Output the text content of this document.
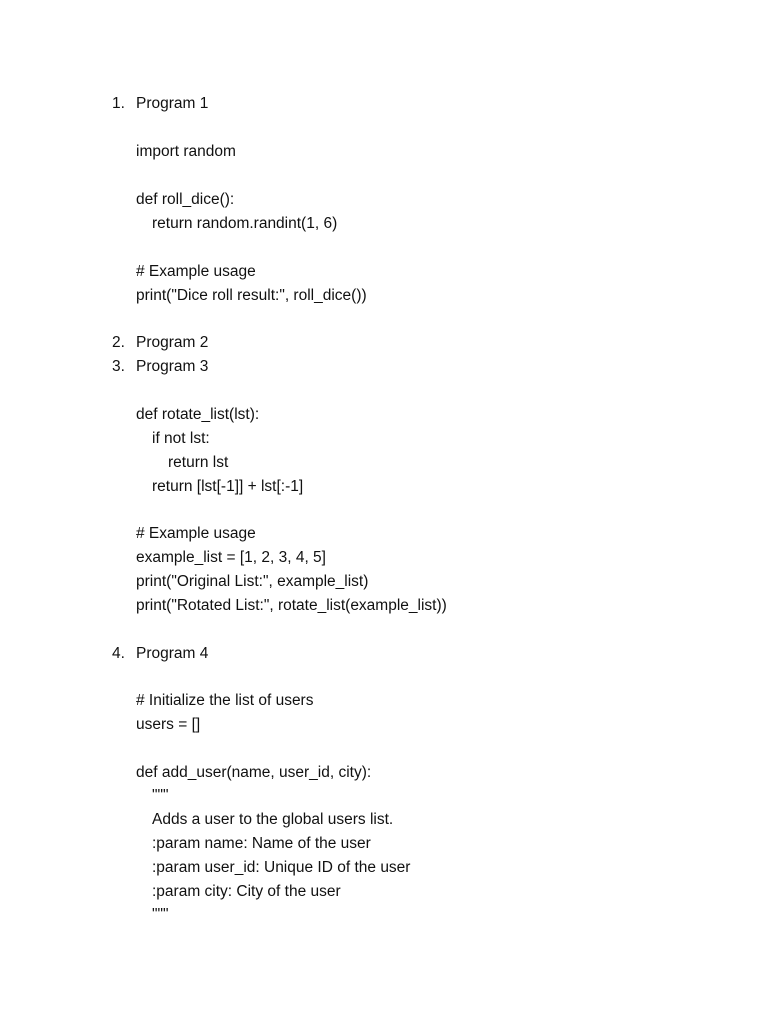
1. Program 1
import random
def roll_dice():
return random.randint(1, 6)
# Example usage
print("Dice roll result:", roll_dice())
2. Program 2
3. Program 3
def rotate_list(lst):
if not lst:
return lst
return [lst[-1]] + lst[:-1]
# Example usage
example_list = [1, 2, 3, 4, 5]
print("Original List:", example_list)
print("Rotated List:", rotate_list(example_list))
4. Program 4
# Initialize the list of users
users = []
def add_user(name, user_id, city):
"""
Adds a user to the global users list.
:param name: Name of the user
:param user_id: Unique ID of the user
:param city: City of the user
"""
